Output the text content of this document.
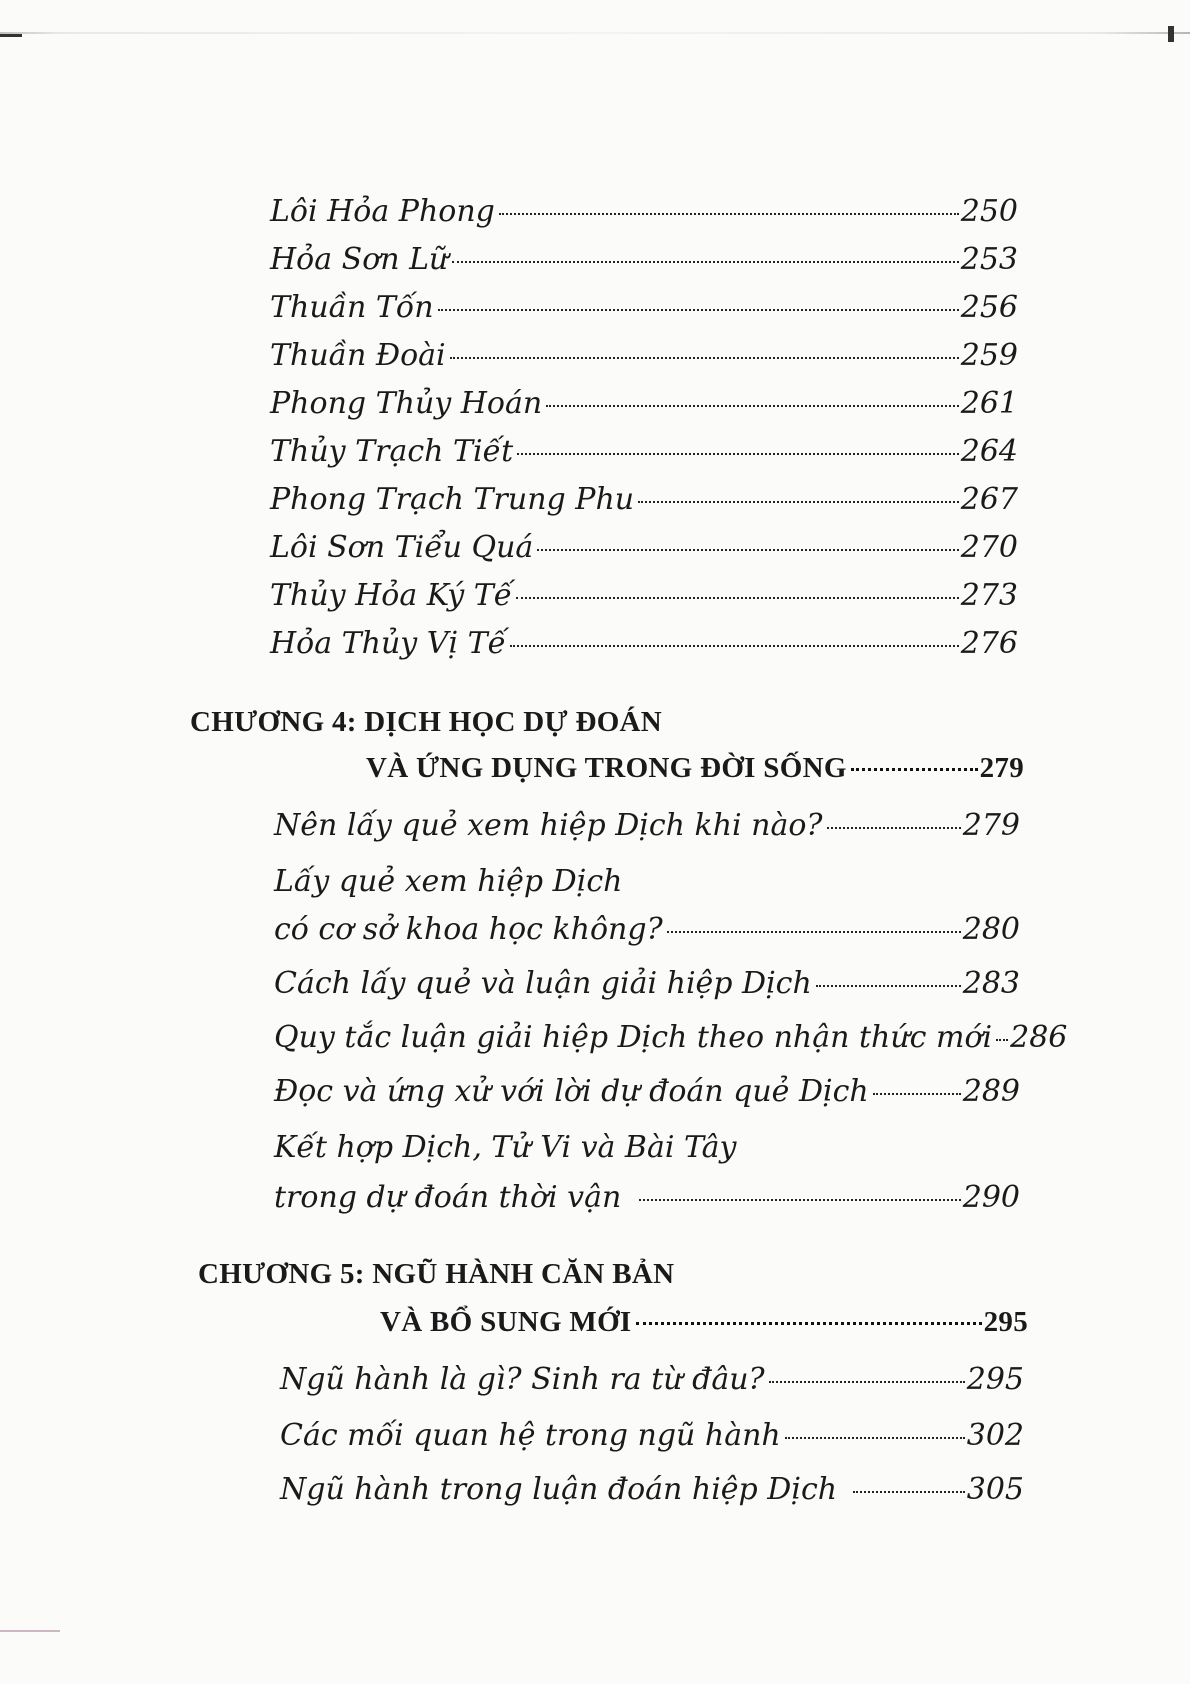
Lôi Hỏa Phong	250
Hỏa Sơn Lữ	253
Thuần Tốn	256
Thuần Đoài	259
Phong Thủy Hoán	261
Thủy Trạch Tiết	264
Phong Trạch Trung Phu	267
Lôi Sơn Tiểu Quá	270
Thủy Hỏa Ký Tế	273
Hỏa Thủy Vị Tế	276
CHƯƠNG 4: DỊCH HỌC DỰ ĐOÁN
VÀ ỨNG DỤNG TRONG ĐỜI SỐNG	279
Nên lấy quẻ xem hiệp Dịch khi nào?	279
Lấy quẻ xem hiệp Dịch
có cơ sở khoa học không?	280
Cách lấy quẻ và luận giải hiệp Dịch	283
Quy tắc luận giải hiệp Dịch theo nhận thức mới 286
Đọc và ứng xử với lời dự đoán quẻ Dịch	289
Kết hợp Dịch, Tử Vi và Bài Tây
trong dự đoán thời vận	290
CHƯƠNG 5: NGŨ HÀNH CĂN BẢN
VÀ BỔ SUNG MỚI	295
Ngũ hành là gì? Sinh ra từ đâu?	295
Các mối quan hệ trong ngũ hành	302
Ngũ hành trong luận đoán hiệp Dịch	305
